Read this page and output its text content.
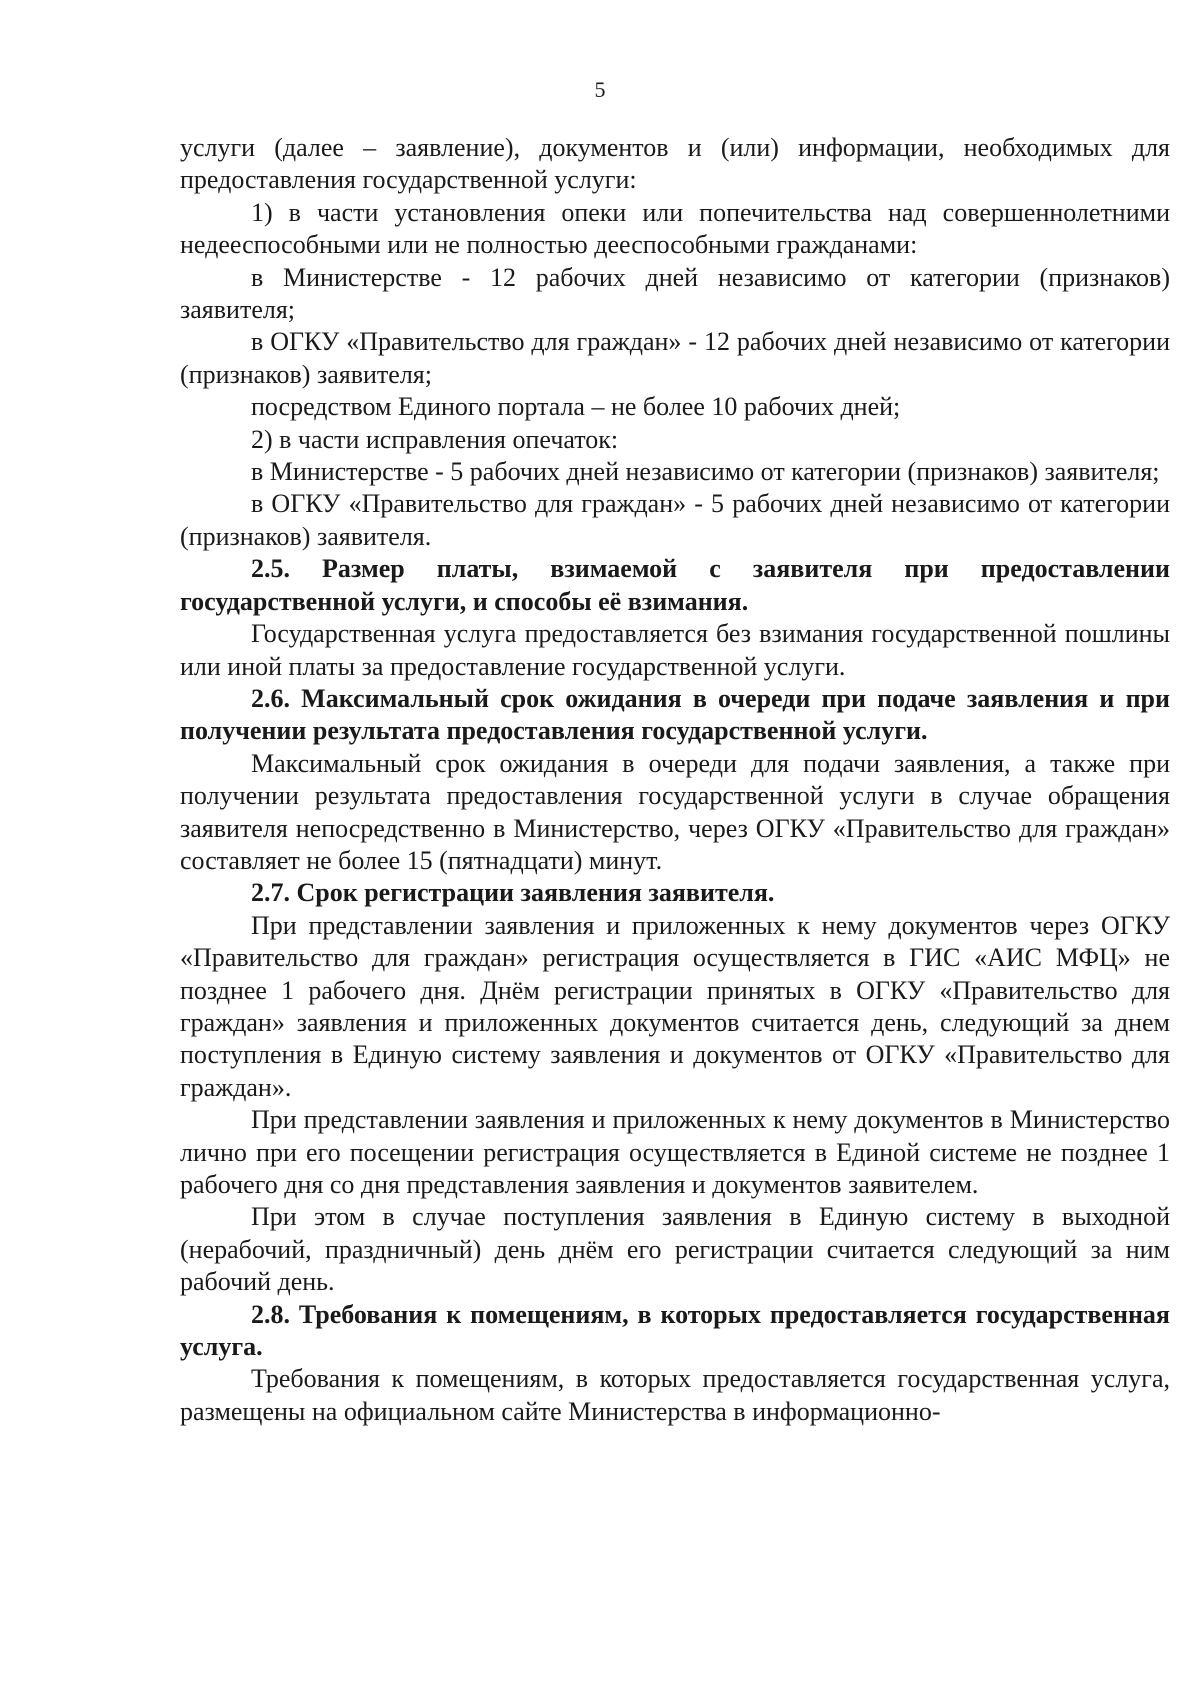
5

услуги (далее – заявление), документов и (или) информации, необходимых для предоставления государственной услуги:

1) в части установления опеки или попечительства над совершеннолетними недееспособными или не полностью дееспособными гражданами:

в Министерстве - 12 рабочих дней независимо от категории (признаков) заявителя;

в ОГКУ «Правительство для граждан» - 12 рабочих дней независимо от категории (признаков) заявителя;

посредством Единого портала – не более 10 рабочих дней;

2) в части исправления опечаток:

в Министерстве - 5 рабочих дней независимо от категории (признаков) заявителя;

в ОГКУ «Правительство для граждан» - 5 рабочих дней независимо от категории (признаков) заявителя.

2.5. Размер платы, взимаемой с заявителя при предоставлении государственной услуги, и способы её взимания.

Государственная услуга предоставляется без взимания государственной пошлины или иной платы за предоставление государственной услуги.

2.6. Максимальный срок ожидания в очереди при подаче заявления и при получении результата предоставления государственной услуги.

Максимальный срок ожидания в очереди для подачи заявления, а также при получении результата предоставления государственной услуги в случае обращения заявителя непосредственно в Министерство, через ОГКУ «Правительство для граждан» составляет не более 15 (пятнадцати) минут.

2.7. Срок регистрации заявления заявителя.

При представлении заявления и приложенных к нему документов через ОГКУ «Правительство для граждан» регистрация осуществляется в ГИС «АИС МФЦ» не позднее 1 рабочего дня. Днём регистрации принятых в ОГКУ «Правительство для граждан» заявления и приложенных документов считается день, следующий за днем поступления в Единую систему заявления и документов от ОГКУ «Правительство для граждан».

При представлении заявления и приложенных к нему документов в Министерство лично при его посещении регистрация осуществляется в Единой системе не позднее 1 рабочего дня со дня представления заявления и документов заявителем.

При этом в случае поступления заявления в Единую систему в выходной (нерабочий, праздничный) день днём его регистрации считается следующий за ним рабочий день.

2.8. Требования к помещениям, в которых предоставляется государственная услуга.

Требования к помещениям, в которых предоставляется государственная услуга, размещены на официальном сайте Министерства в информационно-
